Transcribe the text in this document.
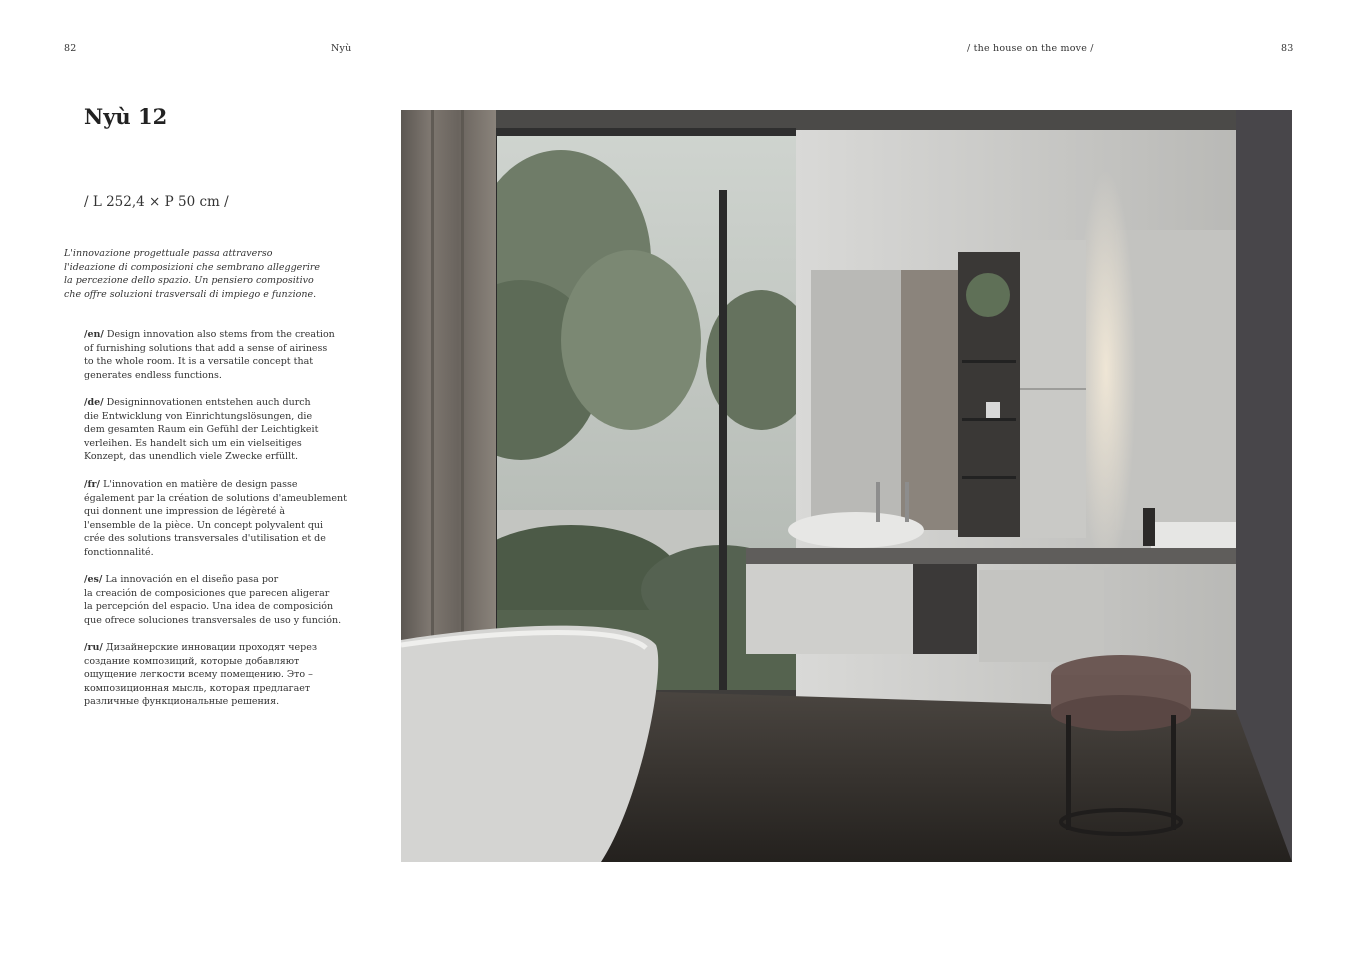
82	Nyù	/ the house on the move /	83
Nyù 12
/ L 252,4 × P 50 cm /
L'innovazione progettuale passa attraverso
l'ideazione di composizioni che sembrano alleggerire
la percezione dello spazio. Un pensiero compositivo
che offre soluzioni trasversali di impiego e funzione.
/en/ Design innovation also stems from the creation
of furnishing solutions that add a sense of airiness
to the whole room. It is a versatile concept that
generates endless functions.
/de/ Designinnovationen entstehen auch durch
die Entwicklung von Einrichtungslösungen, die
dem gesamten Raum ein Gefühl der Leichtigkeit
verleihen. Es handelt sich um ein vielseitiges
Konzept, das unendlich viele Zwecke erfüllt.
/fr/ L'innovation en matière de design passe
également par la création de solutions d'ameublement
qui donnent une impression de légèreté à
l'ensemble de la pièce. Un concept polyvalent qui
crée des solutions transversales d'utilisation et de
fonctionnalité.
/es/ La innovación en el diseño pasa por
la creación de composiciones que parecen aligerar
la percepción del espacio. Una idea de composición
que ofrece soluciones transversales de uso y función.
/ru/ Дизайнерские инновации проходят через
создание композиций, которые добавляют
ощущение легкости всему помещению. Это –
композиционная мысль, которая предлагает
различные функциональные решения.
